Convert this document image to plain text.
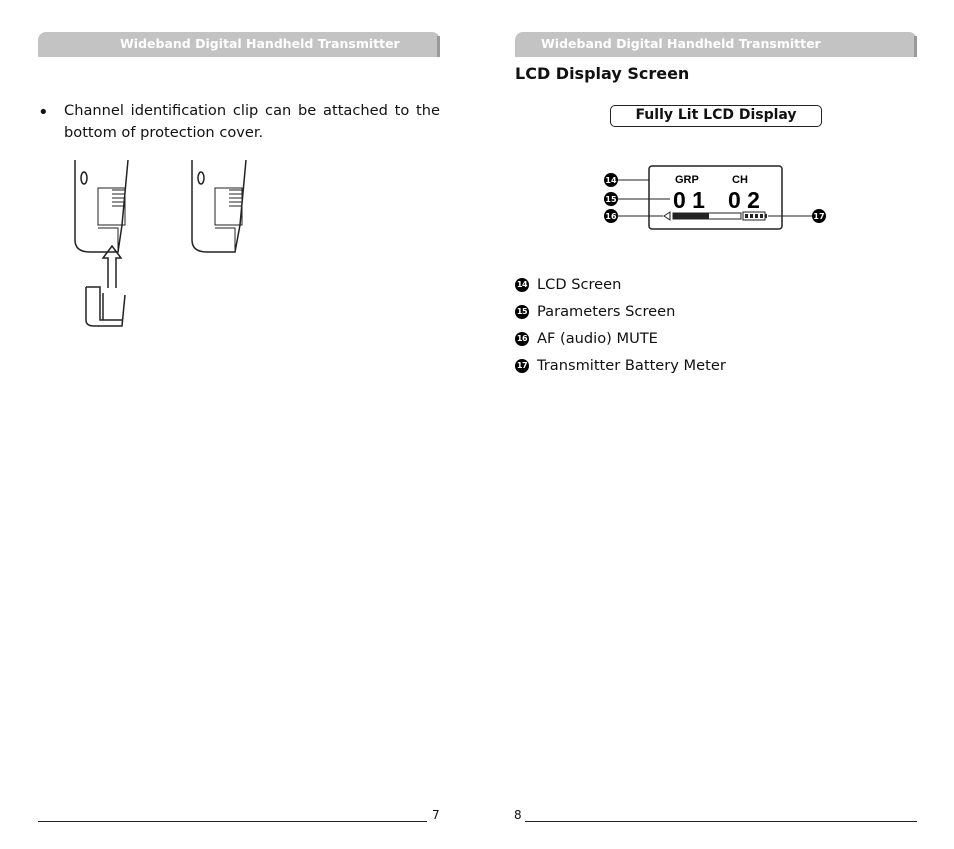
Wideband Digital Handheld Transmitter
• Channel identification clip can be attached to the
bottom of protection cover.
7
Wideband Digital Handheld Transmitter
LCD Display Screen
Fully Lit LCD Display
GRP	CH
0 1 0 2
14
15
16	17
14 LCD Screen
15 Parameters Screen
16 AF (audio) MUTE
17 Transmitter Battery Meter
8
